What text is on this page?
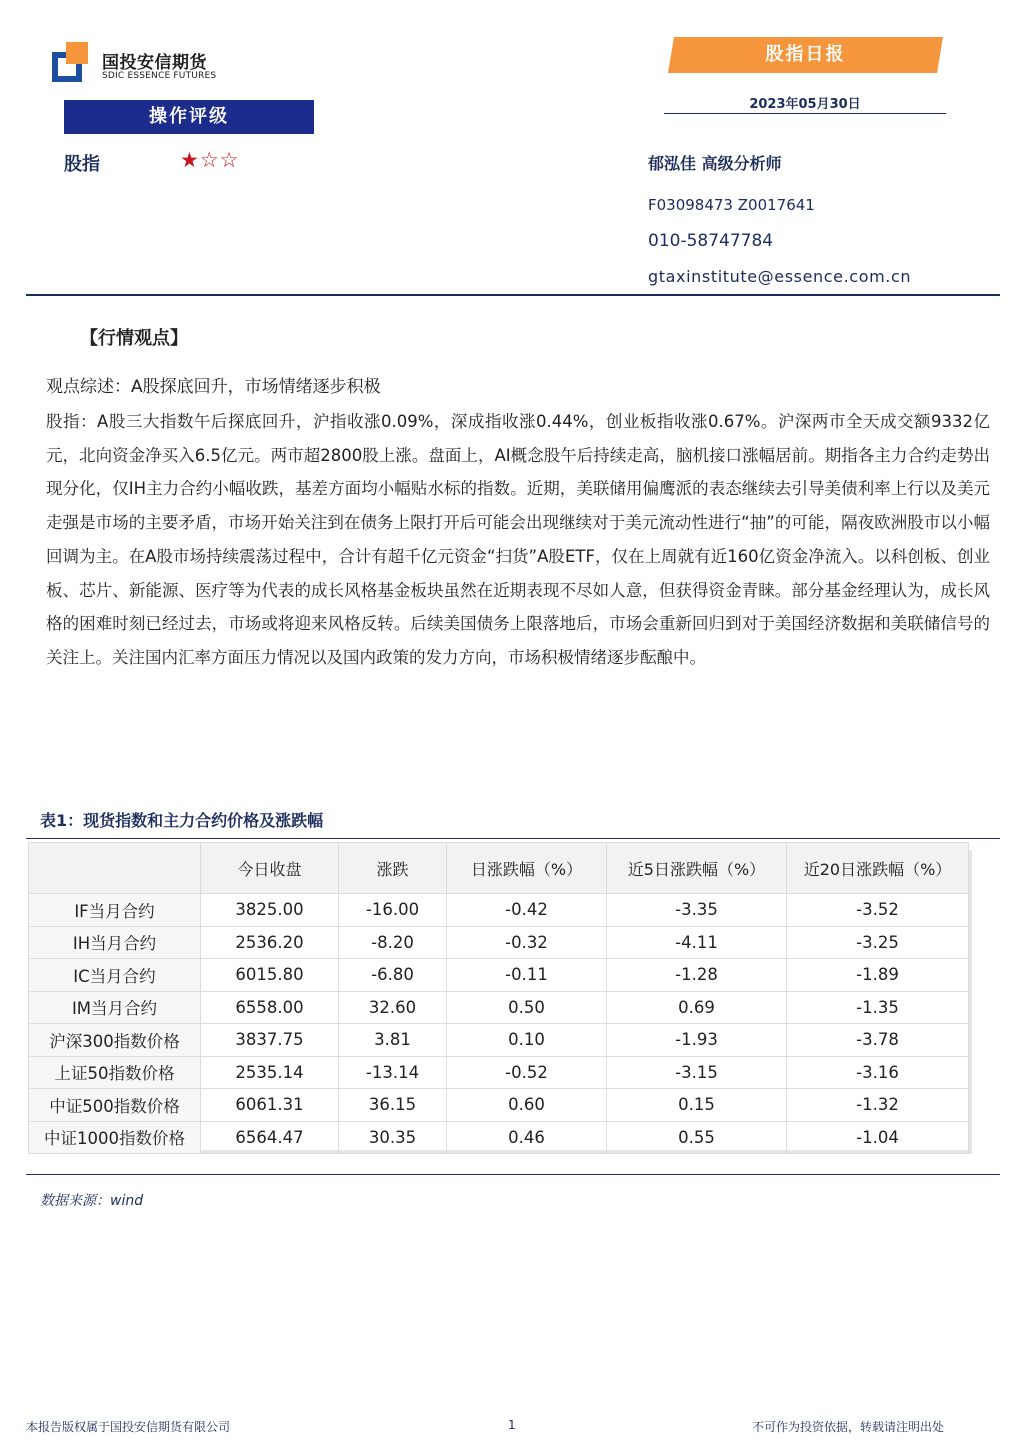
国投安信期货
SDIC ESSENCE FUTURES
股指日报
2023年05月30日
操作评级
股指	★☆☆	郁泓佳 高级分析师
F03098473 Z0017641
010-58747784
gtaxinstitute@essence.com.cn
【行情观点】
观点综述：A股探底回升，市场情绪逐步积极
股指：A股三大指数午后探底回升，沪指收涨0.09%，深成指收涨0.44%，创业板指收涨0.67%。沪深两市全天成交额9332亿元，北向资金净买入6.5亿元。两市超2800股上涨。盘面上，AI概念股午后持续走高，脑机接口涨幅居前。期指各主力合约走势出现分化，仅IH主力合约小幅收跌，基差方面均小幅贴水标的指数。近期，美联储用偏鹰派的表态继续去引导美债利率上行以及美元走强是市场的主要矛盾，市场开始关注到在债务上限打开后可能会出现继续对于美元流动性进行“抽”的可能，隔夜欧洲股市以小幅回调为主。在A股市场持续震荡过程中，合计有超千亿元资金“扫货”A股ETF，仅在上周就有近160亿资金净流入。以科创板、创业板、芯片、新能源、医疗等为代表的成长风格基金板块虽然在近期表现不尽如人意，但获得资金青睐。部分基金经理认为，成长风格的困难时刻已经过去，市场或将迎来风格反转。后续美国债务上限落地后，市场会重新回归到对于美国经济数据和美联储信号的关注上。关注国内汇率方面压力情况以及国内政策的发力方向，市场积极情绪逐步酝酿中。
表1：现货指数和主力合约价格及涨跌幅
	今日收盘	涨跌	日涨跌幅（%）	近5日涨跌幅（%）	近20日涨跌幅（%）
IF当月合约	3825.00	-16.00	-0.42	-3.35	-3.52
IH当月合约	2536.20	-8.20	-0.32	-4.11	-3.25
IC当月合约	6015.80	-6.80	-0.11	-1.28	-1.89
IM当月合约	6558.00	32.60	0.50	0.69	-1.35
沪深300指数价格	3837.75	3.81	0.10	-1.93	-3.78
上证50指数价格	2535.14	-13.14	-0.52	-3.15	-3.16
中证500指数价格	6061.31	36.15	0.60	0.15	-1.32
中证1000指数价格	6564.47	30.35	0.46	0.55	-1.04
数据来源：wind
本报告版权属于国投安信期货有限公司	1	不可作为投资依据，转载请注明出处
